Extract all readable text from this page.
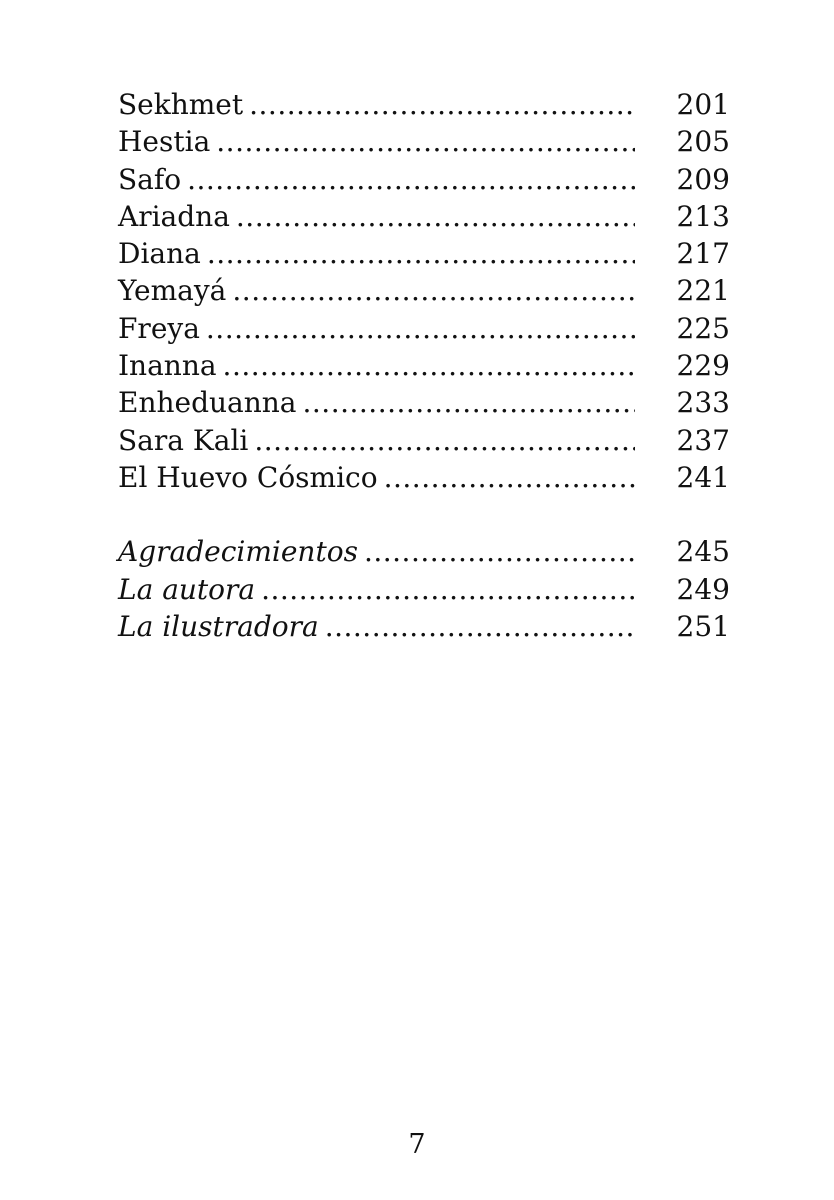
Sekhmet .....	201
Hestia .....	205
Safo .....	209
Ariadna .....	213
Diana .....	217
Yemayá .....	221
Freya .....	225
Inanna .....	229
Enheduanna .....	233
Sara Kali .....	237
El Huevo Cósmico .....	241
Agradecimientos .....	245
La autora .....	249
La ilustradora .....	251
7
